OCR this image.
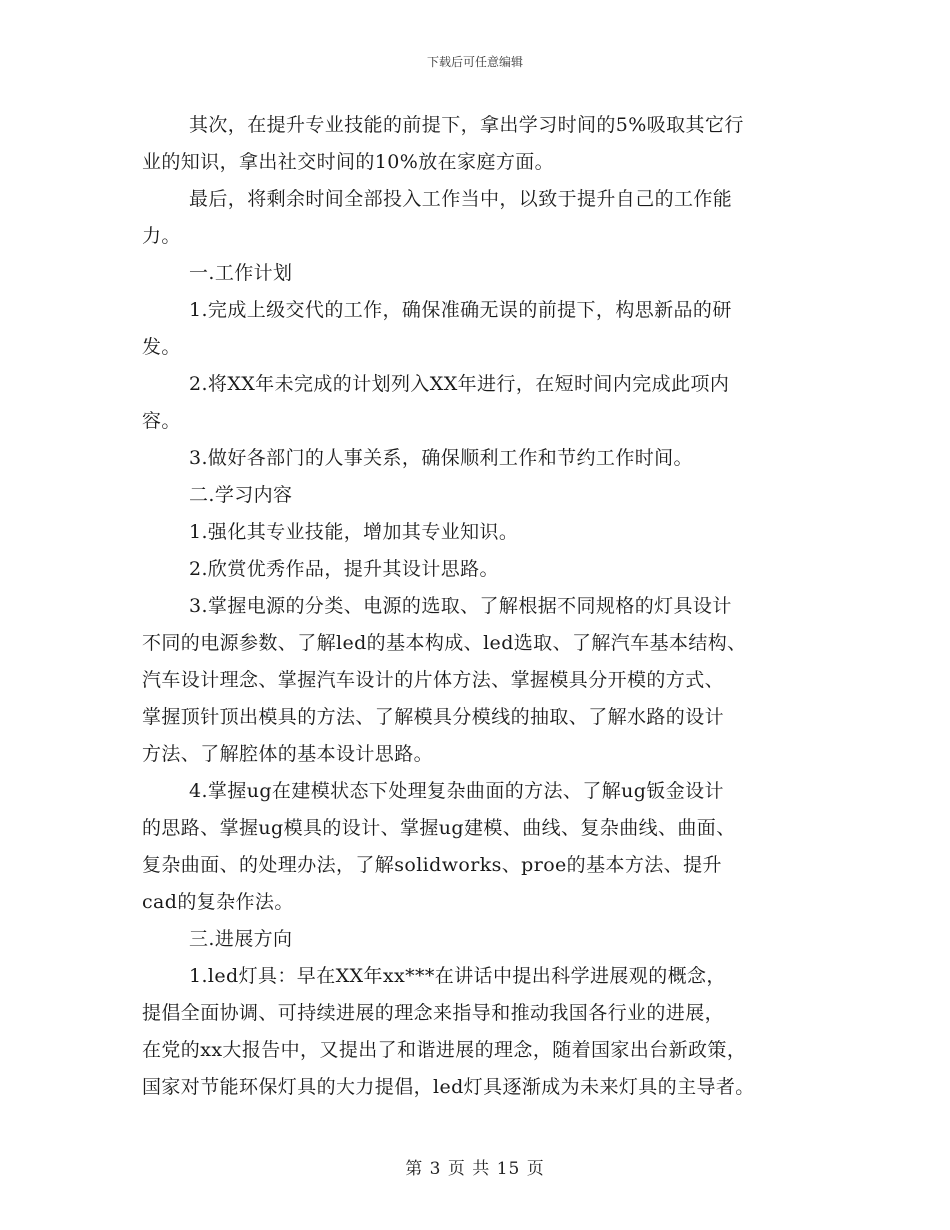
下载后可任意编辑
其次，在提升专业技能的前提下，拿出学习时间的5%吸取其它行
业的知识，拿出社交时间的10%放在家庭方面。
最后，将剩余时间全部投入工作当中，以致于提升自己的工作能
力。
一.工作计划
1.完成上级交代的工作，确保准确无误的前提下，构思新品的研
发。
2.将XX年未完成的计划列入XX年进行，在短时间内完成此项内
容。
3.做好各部门的人事关系，确保顺利工作和节约工作时间。
二.学习内容
1.强化其专业技能，增加其专业知识。
2.欣赏优秀作品，提升其设计思路。
3.掌握电源的分类、电源的选取、了解根据不同规格的灯具设计
不同的电源参数、了解led的基本构成、led选取、了解汽车基本结构、
汽车设计理念、掌握汽车设计的片体方法、掌握模具分开模的方式、
掌握顶针顶出模具的方法、了解模具分模线的抽取、了解水路的设计
方法、了解腔体的基本设计思路。
4.掌握ug在建模状态下处理复杂曲面的方法、了解ug钣金设计
的思路、掌握ug模具的设计、掌握ug建模、曲线、复杂曲线、曲面、
复杂曲面、的处理办法，了解solidworks、proe的基本方法、提升
cad的复杂作法。
三.进展方向
1.led灯具：早在XX年xx***在讲话中提出科学进展观的概念，
提倡全面协调、可持续进展的理念来指导和推动我国各行业的进展，
在党的xx大报告中，又提出了和谐进展的理念，随着国家出台新政策，
国家对节能环保灯具的大力提倡，led灯具逐渐成为未来灯具的主导者。
第 3 页 共 15 页
